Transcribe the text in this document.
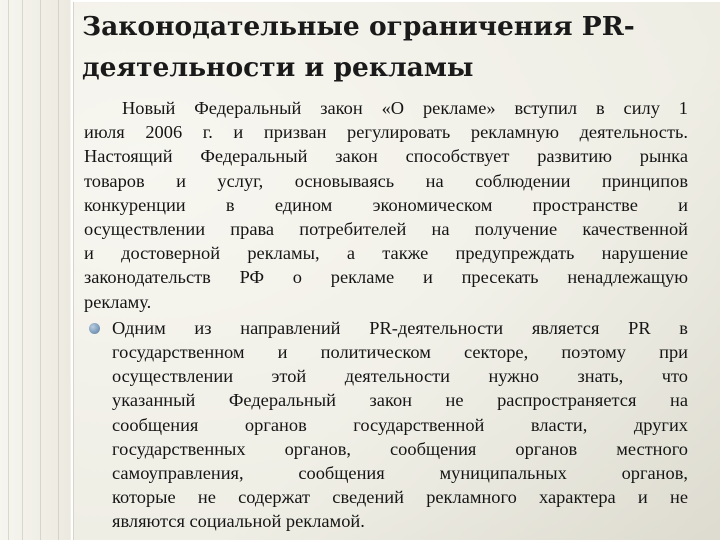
Законодательные ограничения PR-
деятельности и рекламы
Новый Федеральный закон «О рекламе» вступил в силу 1
июля 2006 г. и призван регулировать рекламную деятельность.
Настоящий Федеральный закон способствует развитию рынка
товаров и услуг, основываясь на соблюдении принципов
конкуренции в едином экономическом пространстве и
осуществлении права потребителей на получение качественной
и достоверной рекламы, а также предупреждать нарушение
законодательств РФ о рекламе и пресекать ненадлежащую
рекламу.
Одним из направлений PR-деятельности является PR в
государственном и политическом секторе, поэтому при
осуществлении этой деятельности нужно знать, что
указанный Федеральный закон не распространяется на
сообщения органов государственной власти, других
государственных органов, сообщения органов местного
самоуправления, сообщения муниципальных органов,
которые не содержат сведений рекламного характера и не
являются социальной рекламой.
